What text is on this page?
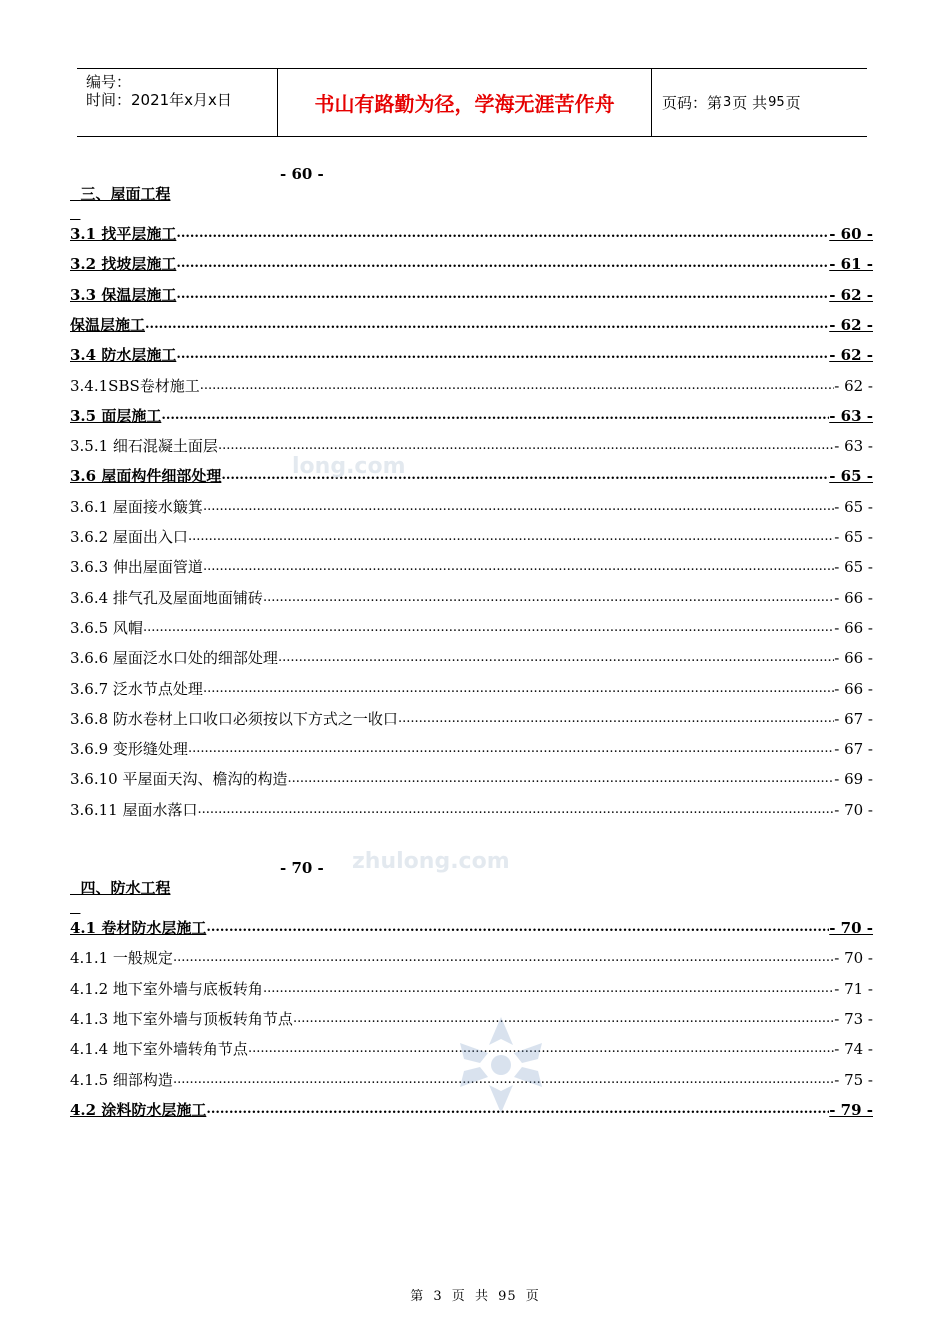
编号：
时间：2021年x月x日	书山有路勤为径，学海无涯苦作舟	页码：第 3 页 共 95 页

三、屋面工程

- 60 -

四、防水工程

- 70 -

3.1 找平层施工 .....	- 60 -
3.2 找坡层施工 .....	- 61 -
3.3 保温层施工 .....	- 62 -
保温层施工 .....	- 62 -
3.4 防水层施工 .....	- 62 -
3.4.1SBS卷材施工 .....	- 62 -
3.5 面层施工 .....	- 63 -
3.5.1 细石混凝土面层 .....	- 63 -
3.6 屋面构件细部处理 .....	- 65 -
3.6.1 屋面接水簸箕 .....	- 65 -
3.6.2 屋面出入口 .....	- 65 -
3.6.3 伸出屋面管道 .....	- 65 -
3.6.4 排气孔及屋面地面铺砖 .....	- 66 -
3.6.5 风帽 .....	- 66 -
3.6.6 屋面泛水口处的细部处理 .....	- 66 -
3.6.7 泛水节点处理 .....	- 66 -
3.6.8 防水卷材上口收口必须按以下方式之一收口 .....	- 67 -
3.6.9 变形缝处理 .....	- 67 -
3.6.10 平屋面天沟、檐沟的构造 .....	- 69 -
3.6.11 屋面水落口 .....	- 70 -
4.1 卷材防水层施工 .....	- 70 -
4.1.1 一般规定 .....	- 70 -
4.1.2 地下室外墙与底板转角 .....	- 71 -
4.1.3 地下室外墙与顶板转角节点 .....	- 73 -
4.1.4 地下室外墙转角节点 .....	- 74 -
4.1.5 细部构造 .....	- 75 -
4.2 涂料防水层施工 .....	- 79 -
long.com
zhulong.com
第 3 页 共 95 页
